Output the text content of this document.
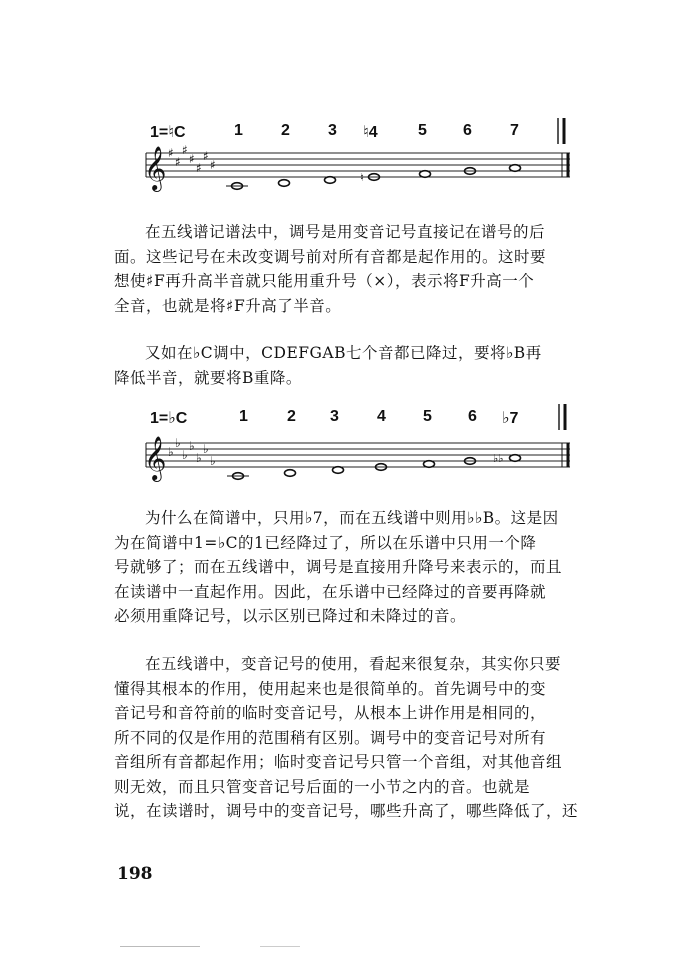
1=♮C	1 2 3 ♮4	5 6 7
𝄞 ♯
♯
♯
♯
♯
♯
♯
♮

在五线谱记谱法中，调号是用变音记号直接记在谱号的后
面。这些记号在未改变调号前对所有音都是起作用的。这时要
想使♯F再升高半音就只能用重升号（×），表示将F升高一个
全音，也就是将♯F升高了半音。

又如在♭C调中，CDEFGAB七个音都已降过，要将♭B再
降低半音，就要将B重降。

1=♭C	1 2 3 4 5 6 ♭7
𝄞 ♭
♭
♭
♭
♭
♭
♭	♭♭

为什么在简谱中，只用♭7，而在五线谱中则用♭♭B。这是因
为在简谱中1=♭C的1已经降过了，所以在乐谱中只用一个降
号就够了；而在五线谱中，调号是直接用升降号来表示的，而且
在读谱中一直起作用。因此，在乐谱中已经降过的音要再降就
必须用重降记号，以示区别已降过和未降过的音。

在五线谱中，变音记号的使用，看起来很复杂，其实你只要
懂得其根本的作用，使用起来也是很简单的。首先调号中的变
音记号和音符前的临时变音记号，从根本上讲作用是相同的，
所不同的仅是作用的范围稍有区别。调号中的变音记号对所有
音组所有音都起作用；临时变音记号只管一个音组，对其他音组
则无效，而且只管变音记号后面的一小节之内的音。也就是
说，在读谱时，调号中的变音记号，哪些升高了，哪些降低了，还

198
